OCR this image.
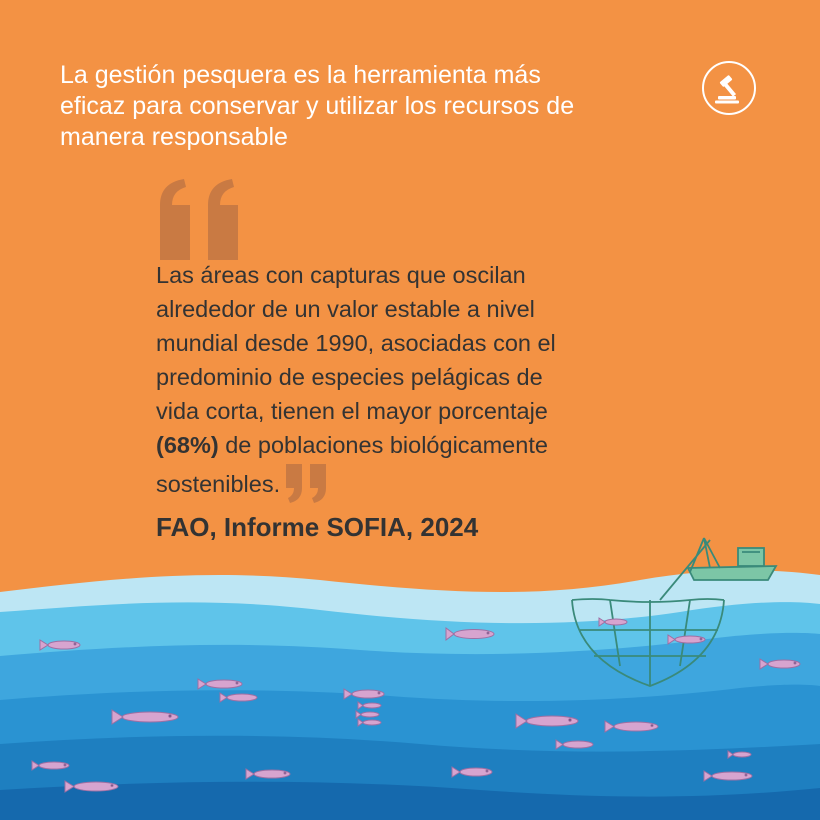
La gestión pesquera es la herramienta más
eficaz para conservar y utilizar los recursos de
manera responsable
Las áreas con capturas que oscilan
alrededor de un valor estable a nivel
mundial desde 1990, asociadas con el
predominio de especies pelágicas de
vida corta, tienen el mayor porcentaje
(68%) de poblaciones biológicamente
sostenibles.
FAO, Informe SOFIA, 2024
